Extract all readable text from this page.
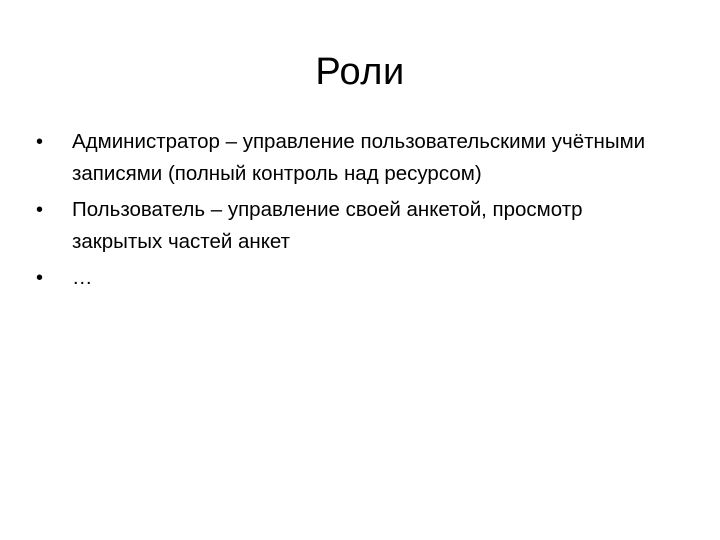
Роли
•	Администратор – управление пользовательскими учётными записями (полный контроль над ресурсом)
•	Пользователь – управление своей анкетой, просмотр закрытых частей анкет
•	…
